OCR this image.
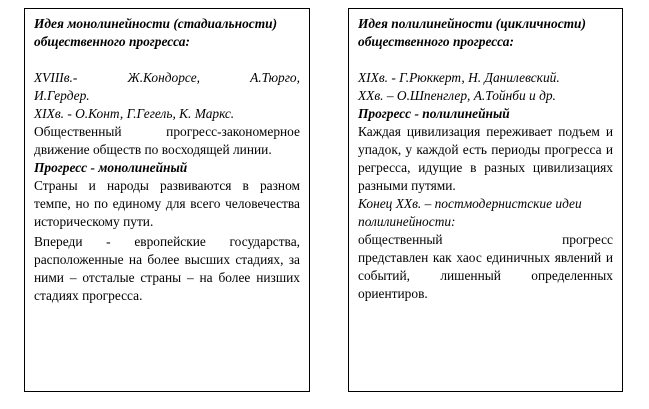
Идея монолинейности (стадиальности) общественного прогресса:
XVIIIв.-	Ж.Кондорсе,	А.Тюрго,
И.Гердер.
XIXв. - О.Конт, Г.Гегель, К. Маркс.
Общественный прогресс-закономерное движение обществ по восходящей линии.
Прогресс - монолинейный
Страны и народы развиваются в разном темпе, но по единому для всего человечества историческому пути.
Впереди - европейские государства, расположенные на более высших стадиях, за ними – отсталые страны – на более низших стадиях прогресса.
Идея полилинейности (цикличности) общественного прогресса:
XIXв. - Г.Рюккерт, Н. Данилевский.
XXв. – О.Шпенглер, А.Тойнби и др.
Прогресс - полилинейный
Каждая цивилизация переживает подъем и упадок, у каждой есть периоды прогресса и регресса, идущие в разных цивилизациях разными путями.
Конец XXв. – постмодернистские идеи полилинейности:
общественный	прогресс
представлен как хаос единичных явлений и событий, лишенный определенных ориентиров.
